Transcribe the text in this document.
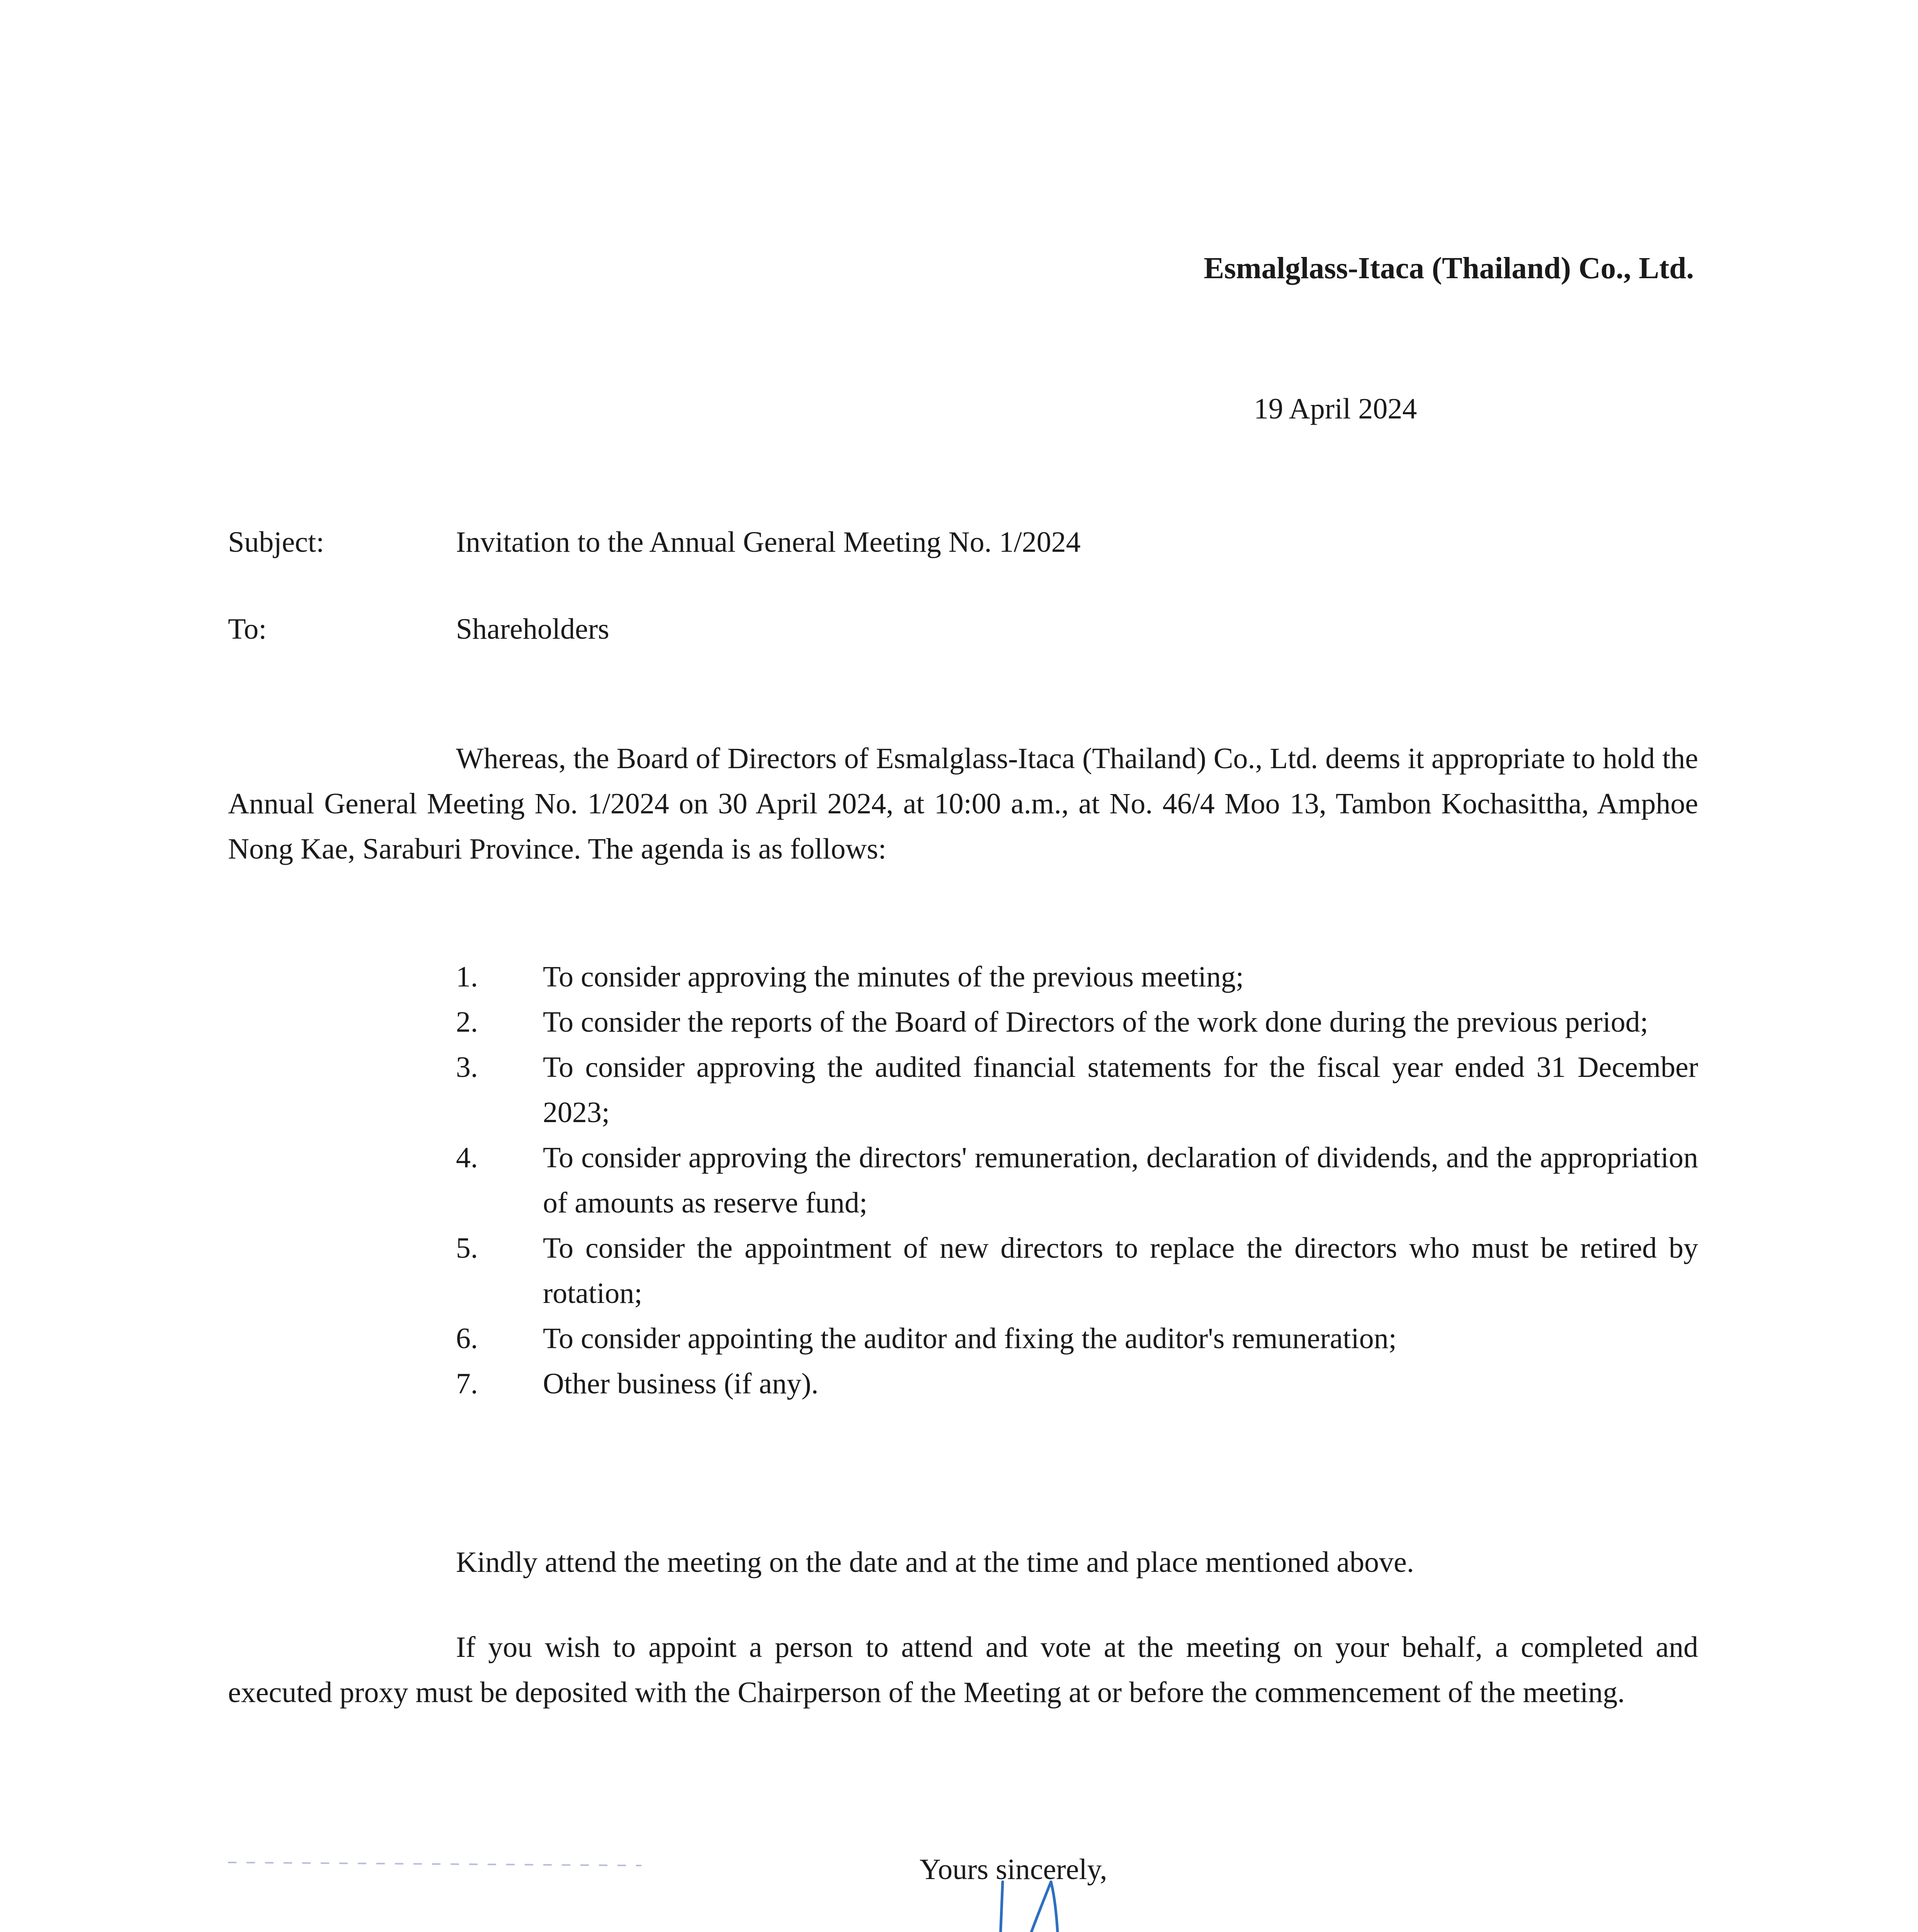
Esmalglass-Itaca (Thailand) Co., Ltd.
19 April 2024
Subject:	Invitation to the Annual General Meeting No. 1/2024
To:	Shareholders

Whereas, the Board of Directors of Esmalglass-Itaca (Thailand) Co., Ltd. deems it appropriate to hold the Annual General Meeting No. 1/2024 on 30 April 2024, at 10:00 a.m., at No. 46/4 Moo 13, Tambon Kochasittha, Amphoe Nong Kae, Saraburi Province. The agenda is as follows:

1.	To consider approving the minutes of the previous meeting;
2.	To consider the reports of the Board of Directors of the work done during the previous period;
3.	To consider approving the audited financial statements for the fiscal year ended 31 December 2023;
4.	To consider approving the directors' remuneration, declaration of dividends, and the appropriation of amounts as reserve fund;
5.	To consider the appointment of new directors to replace the directors who must be retired by rotation;
6.	To consider appointing the auditor and fixing the auditor's remuneration;
7.	Other business (if any).

Kindly attend the meeting on the date and at the time and place mentioned above.

If you wish to appoint a person to attend and vote at the meeting on your behalf, a completed and executed proxy must be deposited with the Chairperson of the Meeting at or before the commencement of the meeting.

Yours sincerely,
